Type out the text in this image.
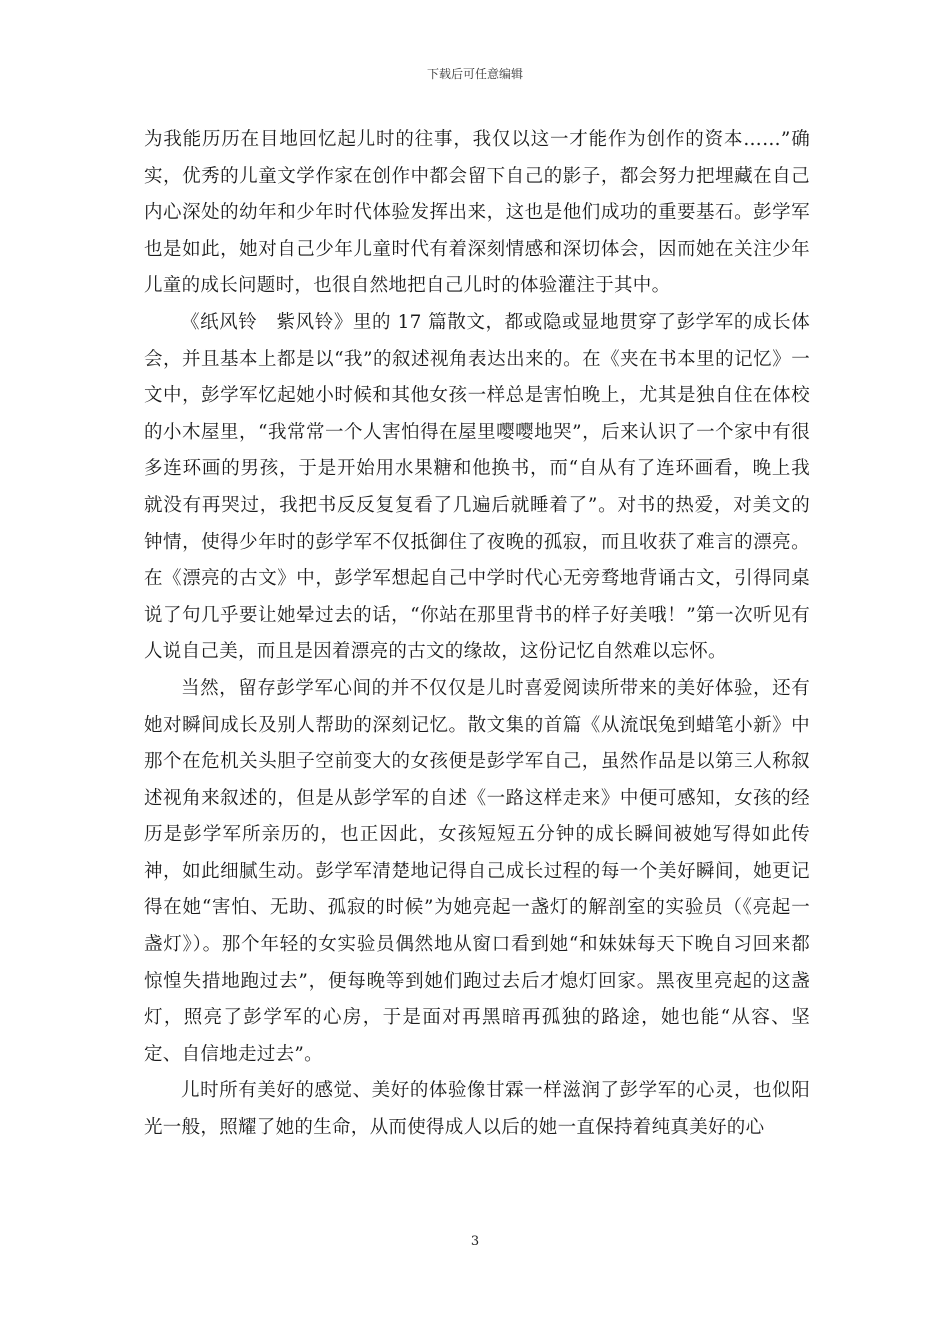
下载后可任意编辑

为我能历历在目地回忆起儿时的往事，我仅以这一才能作为创作的资本……”确实，优秀的儿童文学作家在创作中都会留下自己的影子，都会努力把埋藏在自己内心深处的幼年和少年时代体验发挥出来，这也是他们成功的重要基石。彭学军也是如此，她对自己少年儿童时代有着深刻情感和深切体会，因而她在关注少年儿童的成长问题时，也很自然地把自己儿时的体验灌注于其中。

《纸风铃　紫风铃》里的 17 篇散文，都或隐或显地贯穿了彭学军的成长体会，并且基本上都是以“我”的叙述视角表达出来的。在《夹在书本里的记忆》一文中，彭学军忆起她小时候和其他女孩一样总是害怕晚上，尤其是独自住在体校的小木屋里，“我常常一个人害怕得在屋里嘤嘤地哭”，后来认识了一个家中有很多连环画的男孩，于是开始用水果糖和他换书，而“自从有了连环画看，晚上我就没有再哭过，我把书反反复复看了几遍后就睡着了”。对书的热爱，对美文的钟情，使得少年时的彭学军不仅抵御住了夜晚的孤寂，而且收获了难言的漂亮。在《漂亮的古文》中，彭学军想起自己中学时代心无旁骛地背诵古文，引得同桌说了句几乎要让她晕过去的话，“你站在那里背书的样子好美哦！”第一次听见有人说自己美，而且是因着漂亮的古文的缘故，这份记忆自然难以忘怀。

当然，留存彭学军心间的并不仅仅是儿时喜爱阅读所带来的美好体验，还有她对瞬间成长及别人帮助的深刻记忆。散文集的首篇《从流氓兔到蜡笔小新》中那个在危机关头胆子空前变大的女孩便是彭学军自己，虽然作品是以第三人称叙述视角来叙述的，但是从彭学军的自述《一路这样走来》中便可感知，女孩的经历是彭学军所亲历的，也正因此，女孩短短五分钟的成长瞬间被她写得如此传神，如此细腻生动。彭学军清楚地记得自己成长过程的每一个美好瞬间，她更记得在她“害怕、无助、孤寂的时候”为她亮起一盏灯的解剖室的实验员（《亮起一盏灯》）。那个年轻的女实验员偶然地从窗口看到她“和妹妹每天下晚自习回来都惊惶失措地跑过去”，便每晚等到她们跑过去后才熄灯回家。黑夜里亮起的这盏灯，照亮了彭学军的心房，于是面对再黑暗再孤独的路途，她也能“从容、坚定、自信地走过去”。

儿时所有美好的感觉、美好的体验像甘霖一样滋润了彭学军的心灵，也似阳光一般，照耀了她的生命，从而使得成人以后的她一直保持着纯真美好的心

3
